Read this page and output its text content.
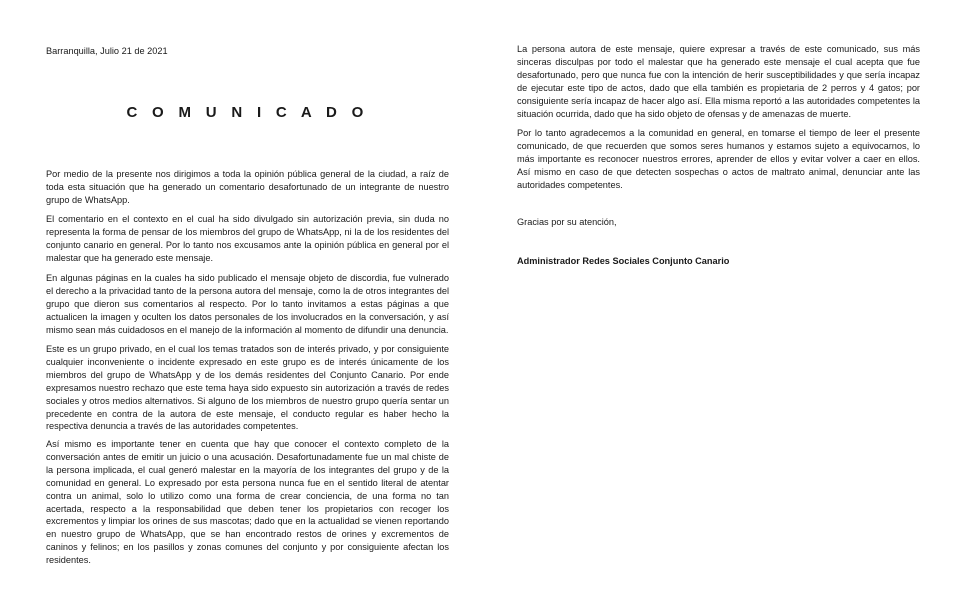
Barranquilla, Julio 21 de 2021
C O M U N I C A D O

Por medio de la presente nos dirigimos a toda la opinión pública general de la ciudad, a raíz de toda esta situación que ha generado un comentario desafortunado de un integrante de nuestro grupo de WhatsApp.

El comentario en el contexto en el cual ha sido divulgado sin autorización previa, sin duda no representa la forma de pensar de los miembros del grupo de WhatsApp, ni la de los residentes del conjunto canario en general. Por lo tanto nos excusamos ante la opinión pública en general por el malestar que ha generado este mensaje.

En algunas páginas en la cuales ha sido publicado el mensaje objeto de discordia, fue vulnerado el derecho a la privacidad tanto de la persona autora del mensaje, como la de otros integrantes del grupo que dieron sus comentarios al respecto. Por lo tanto invitamos a estas páginas a que actualicen la imagen y oculten los datos personales de los involucrados en la conversación, y así mismo sean más cuidadosos en el manejo de la información al momento de difundir una denuncia.

Este es un grupo privado, en el cual los temas tratados son de interés privado, y por consiguiente cualquier inconveniente o incidente expresado en este grupo es de interés únicamente de los miembros del grupo de WhatsApp y de los demás residentes del Conjunto Canario. Por ende expresamos nuestro rechazo que este tema haya sido expuesto sin autorización a través de redes sociales y otros medios alternativos. Si alguno de los miembros de nuestro grupo quería sentar un precedente en contra de la autora de este mensaje, el conducto regular es haber hecho la respectiva denuncia a través de las autoridades competentes.

Así mismo es importante tener en cuenta que hay que conocer el contexto completo de la conversación antes de emitir un juicio o una acusación. Desafortunadamente fue un mal chiste de la persona implicada, el cual generó malestar en la mayoría de los integrantes del grupo y de la comunidad en general. Lo expresado por esta persona nunca fue en el sentido literal de atentar contra un animal, solo lo utilizo como una forma de crear conciencia, de una forma no tan acertada, respecto a la responsabilidad que deben tener los propietarios con recoger los excrementos y limpiar los orines de sus mascotas; dado que en la actualidad se vienen reportando en nuestro grupo de WhatsApp, que se han encontrado restos de orines y excrementos de caninos y felinos; en los pasillos y zonas comunes del conjunto y por consiguiente afectan los residentes.

La persona autora de este mensaje, quiere expresar a través de este comunicado, sus más sinceras disculpas por todo el malestar que ha generado este mensaje el cual acepta que fue desafortunado, pero que nunca fue con la intención de herir susceptibilidades y que sería incapaz de ejecutar este tipo de actos, dado que ella también es propietaria de 2 perros y 4 gatos; por consiguiente sería incapaz de hacer algo así. Ella misma reportó a las autoridades competentes la situación ocurrida, dado que ha sido objeto de ofensas y de amenazas de muerte.

Por lo tanto agradecemos a la comunidad en general, en tomarse el tiempo de leer el presente comunicado, de que recuerden que somos seres humanos y estamos sujeto a equivocarnos, lo más importante es reconocer nuestros errores, aprender de ellos y evitar volver a caer en ellos. Así mismo en caso de que detecten sospechas o actos de maltrato animal, denunciar ante las autoridades competentes.

Gracias por su atención,
Administrador Redes Sociales Conjunto Canario
